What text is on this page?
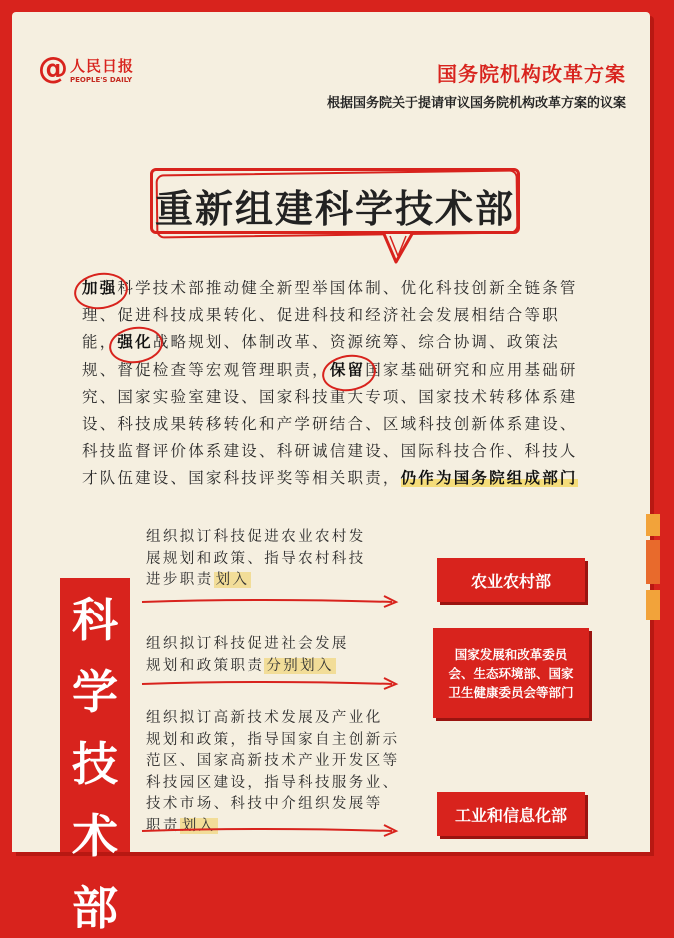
@ 人民日报
PEOPLE'S DAILY	国务院机构改革方案
根据国务院关于提请审议国务院机构改革方案的议案
重新组建科学技术部
加强科学技术部推动健全新型举国体制、优化科技创新全链条管理、促进科技成果转化、促进科技和经济社会发展相结合等职能，强化战略规划、体制改革、资源统筹、综合协调、政策法规、督促检查等宏观管理职责，保留国家基础研究和应用基础研究、国家实验室建设、国家科技重大专项、国家技术转移体系建设、科技成果转移转化和产学研结合、区域科技创新体系建设、科技监督评价体系建设、科研诚信建设、国际科技合作、科技人才队伍建设、国家科技评奖等相关职责，仍作为国务院组成部门
科
学
技
术
部
组织拟订科技促进农业农村发
展规划和政策、指导农村科技
进步职责 划入	农业农村部
组织拟订科技促进社会发展
规划和政策职责 分别划入
国家发展和改革委员
会、生态环境部、国家
卫生健康委员会等部门
组织拟订高新技术发展及产业化
规划和政策，指导国家自主创新示
范区、国家高新技术产业开发区等
科技园区建设，指导科技服务业、
技术市场、科技中介组织发展等
职责 划入
工业和信息化部
